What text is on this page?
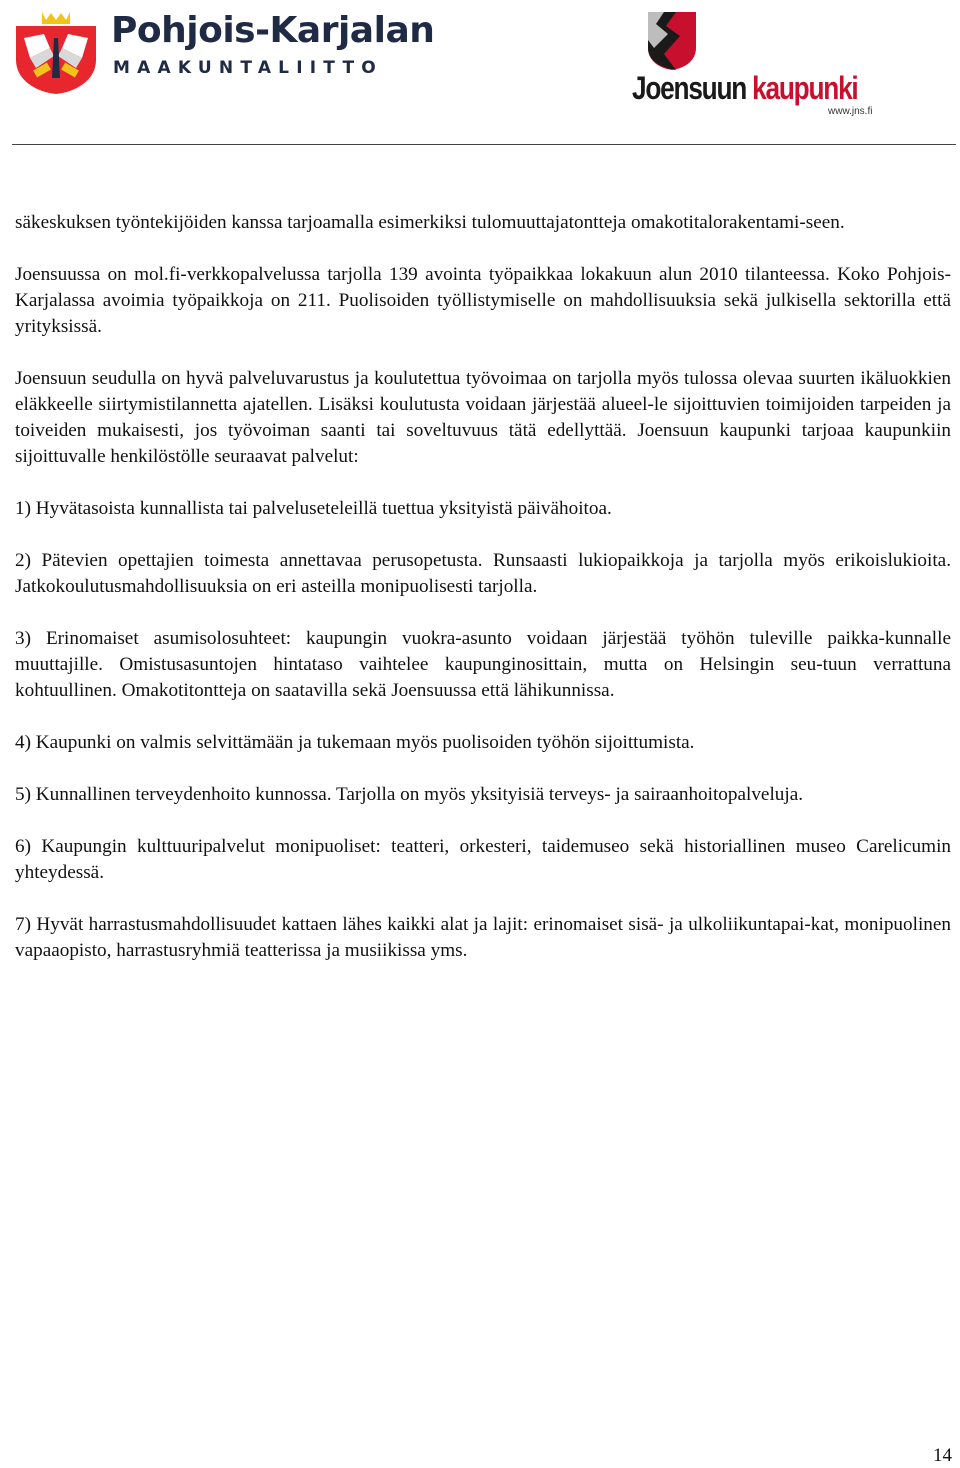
Pohjois-Karjalan
MAAKUNTALIITTO
Joensuun kaupunki
www.jns.fi

säkeskuksen työntekijöiden kanssa tarjoamalla esimerkiksi tulomuuttajatontteja omakotitalorakentami-seen.

Joensuussa on mol.fi-verkkopalvelussa tarjolla 139 avointa työpaikkaa lokakuun alun 2010 tilanteessa. Koko Pohjois-Karjalassa avoimia työpaikkoja on 211. Puolisoiden työllistymiselle on mahdollisuuksia sekä julkisella sektorilla että yrityksissä.

Joensuun seudulla on hyvä palveluvarustus ja koulutettua työvoimaa on tarjolla myös tulossa olevaa suurten ikäluokkien eläkkeelle siirtymistilannetta ajatellen. Lisäksi koulutusta voidaan järjestää alueel-le sijoittuvien toimijoiden tarpeiden ja toiveiden mukaisesti, jos työvoiman saanti tai soveltuvuus tätä edellyttää. Joensuun kaupunki tarjoaa kaupunkiin sijoittuvalle henkilöstölle seuraavat palvelut:

1) Hyvätasoista kunnallista tai palveluseteleillä tuettua yksityistä päivähoitoa.

2) Pätevien opettajien toimesta annettavaa perusopetusta. Runsaasti lukiopaikkoja ja tarjolla myös erikoislukioita. Jatkokoulutusmahdollisuuksia on eri asteilla monipuolisesti tarjolla.

3) Erinomaiset asumisolosuhteet: kaupungin vuokra-asunto voidaan järjestää työhön tuleville paikka-kunnalle muuttajille. Omistusasuntojen hintataso vaihtelee kaupunginosittain, mutta on Helsingin seu-tuun verrattuna kohtuullinen. Omakotitontteja on saatavilla sekä Joensuussa että lähikunnissa.

4) Kaupunki on valmis selvittämään ja tukemaan myös puolisoiden työhön sijoittumista.

5) Kunnallinen terveydenhoito kunnossa. Tarjolla on myös yksityisiä terveys- ja sairaanhoitopalveluja.

6) Kaupungin kulttuuripalvelut monipuoliset: teatteri, orkesteri, taidemuseo sekä historiallinen museo Carelicumin yhteydessä.

7) Hyvät harrastusmahdollisuudet kattaen lähes kaikki alat ja lajit: erinomaiset sisä- ja ulkoliikuntapai-kat, monipuolinen vapaaopisto, harrastusryhmiä teatterissa ja musiikissa yms.

14
